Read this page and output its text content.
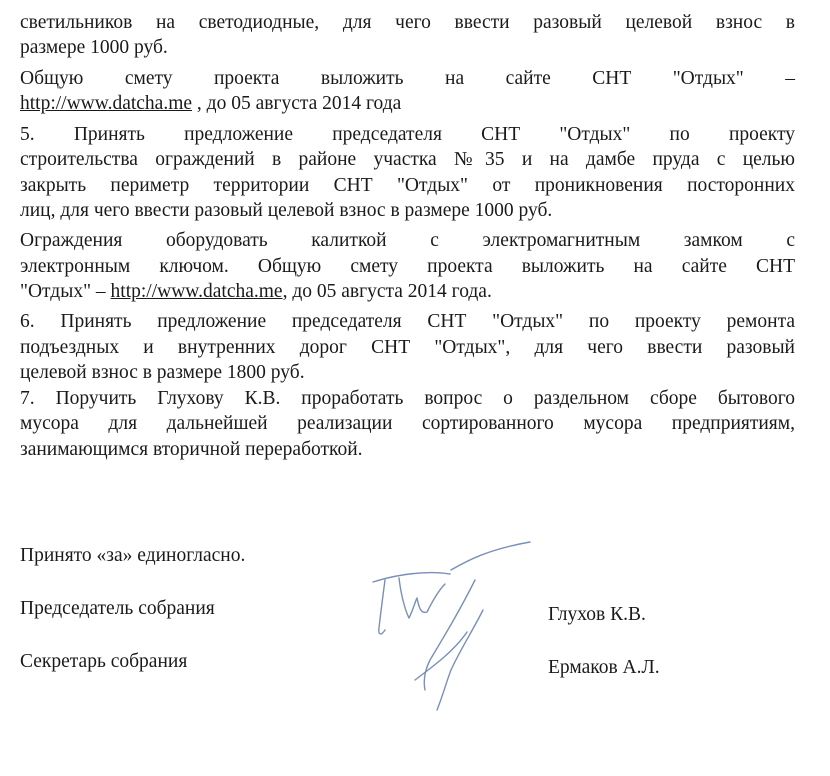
светильников на светодиодные, для чего ввести разовый целевой взнос в
размере 1000 руб.
Общую смету проекта выложить на сайте СНТ "Отдых" –
http://www.datcha.me , до 05 августа 2014 года
5. Принять предложение председателя СНТ "Отдых" по проекту
строительства ограждений в районе участка №35 и на дамбе пруда с целью
закрыть периметр территории СНТ "Отдых" от проникновения посторонних
лиц, для чего ввести разовый целевой взнос в размере 1000 руб.
Ограждения оборудовать калиткой с электромагнитным замком с
электронным ключом. Общую смету проекта выложить на сайте СНТ
"Отдых" – http://www.datcha.me, до 05 августа 2014 года.
6. Принять предложение председателя СНТ "Отдых" по проекту ремонта
подъездных и внутренних дорог СНТ "Отдых", для чего ввести разовый
целевой взнос в размере 1800 руб.
7. Поручить Глухову К.В. проработать вопрос о раздельном сборе бытового
мусора для дальнейшей реализации сортированного мусора предприятиям,
занимающимся вторичной переработкой.
Принято «за» единогласно.
Председатель собрания	Глухов К.В.
Секретарь собрания	Ермаков А.Л.
